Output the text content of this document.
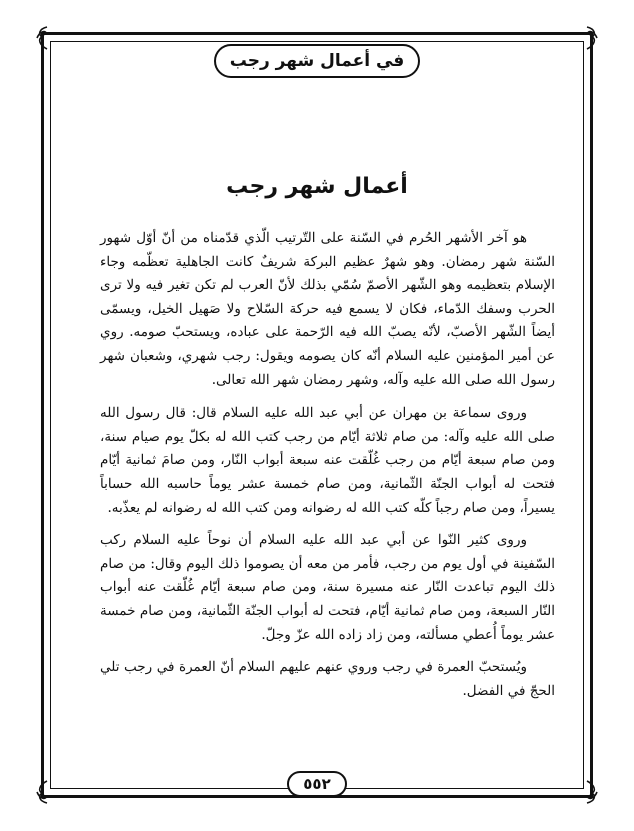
في أعمال شهر رجب
أعمال شهر رجب

هو آخر الأشهر الحُرم في السّنة على التّرتيب الّذي قدّمناه من أنّ أوّل شهور السّنة شهر رمضان. وهو شهرٌ عظيم البركة شريفٌ كانت الجاهلية تعظّمه وجاء الإسلام بتعظيمه وهو الشّهر الأصمّ سُمّي بذلك لأنّ العرب لم تكن تغير فيه ولا ترى الحرب وسفك الدّماء، فكان لا يسمع فيه حركة السّلاح ولا صَهيل الخيل، ويسمّى أيضاً الشّهر الأصبّ، لأنّه يصبّ الله فيه الرّحمة على عباده، ويستحبّ صومه. روي عن أمير المؤمنين عليه السلام أنّه كان يصومه ويقول: رجب شهري، وشعبان شهر رسول الله صلى الله عليه وآله، وشهر رمضان شهر الله تعالى.

وروى سماعة بن مهران عن أبي عبد الله عليه السلام قال: قال رسول الله صلى الله عليه وآله: من صام ثلاثة أيّام من رجب كتب الله له بكلّ يوم صيام سنة، ومن صام سبعة أيّام من رجب غُلّقت عنه سبعة أبواب النّار، ومن صامَ ثمانية أيّام فتحت له أبواب الجنّة الثّمانية، ومن صام خمسة عشر يوماً حاسبه الله حساباً يسيراً، ومن صام رجباً كلّه كتب الله له رضوانه ومن كتب الله له رضوانه لم يعذّبه.

وروى كثير النّوا عن أبي عبد الله عليه السلام أن نوحاً عليه السلام ركب السّفينة في أول يوم من رجب، فأمر من معه أن يصوموا ذلك اليوم وقال: من صام ذلك اليوم تباعدت النّار عنه مسيرة سنة، ومن صام سبعة أيّام غُلّقت عنه أبواب النّار السبعة، ومن صام ثمانية أيّام، فتحت له أبواب الجنّة الثّمانية، ومن صام خمسة عشر يوماً أُعطي مسألته، ومن زاد زاده الله عزّ وجلّ.

ويُستحبّ العمرة في رجب وروي عنهم عليهم السلام أنّ العمرة في رجب تلي الحجّ في الفضل.

٥٥٢
